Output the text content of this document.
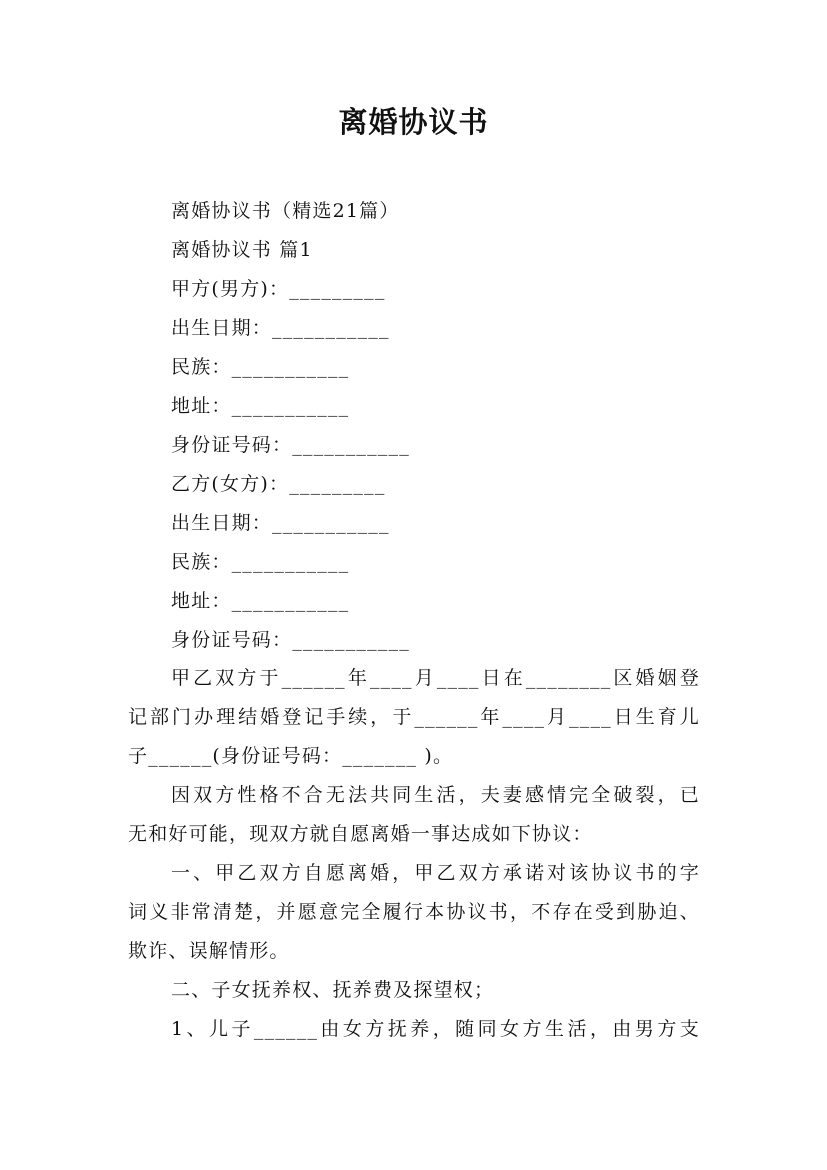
离婚协议书
离婚协议书（精选21篇）
离婚协议书 篇1
甲方(男方)：_________
出生日期：___________
民族：___________
地址：___________
身份证号码：___________
乙方(女方)：_________
出生日期：___________
民族：___________
地址：___________
身份证号码：___________
甲乙双方于______年____月____日在________区婚姻登
记部门办理结婚登记手续，于______年____月____日生育儿
子______(身份证号码：_______ )。
因双方性格不合无法共同生活，夫妻感情完全破裂，已
无和好可能，现双方就自愿离婚一事达成如下协议：
一、甲乙双方自愿离婚，甲乙双方承诺对该协议书的字
词义非常清楚，并愿意完全履行本协议书，不存在受到胁迫、
欺诈、误解情形。
二、子女抚养权、抚养费及探望权；
1、儿子______由女方抚养，随同女方生活，由男方支
